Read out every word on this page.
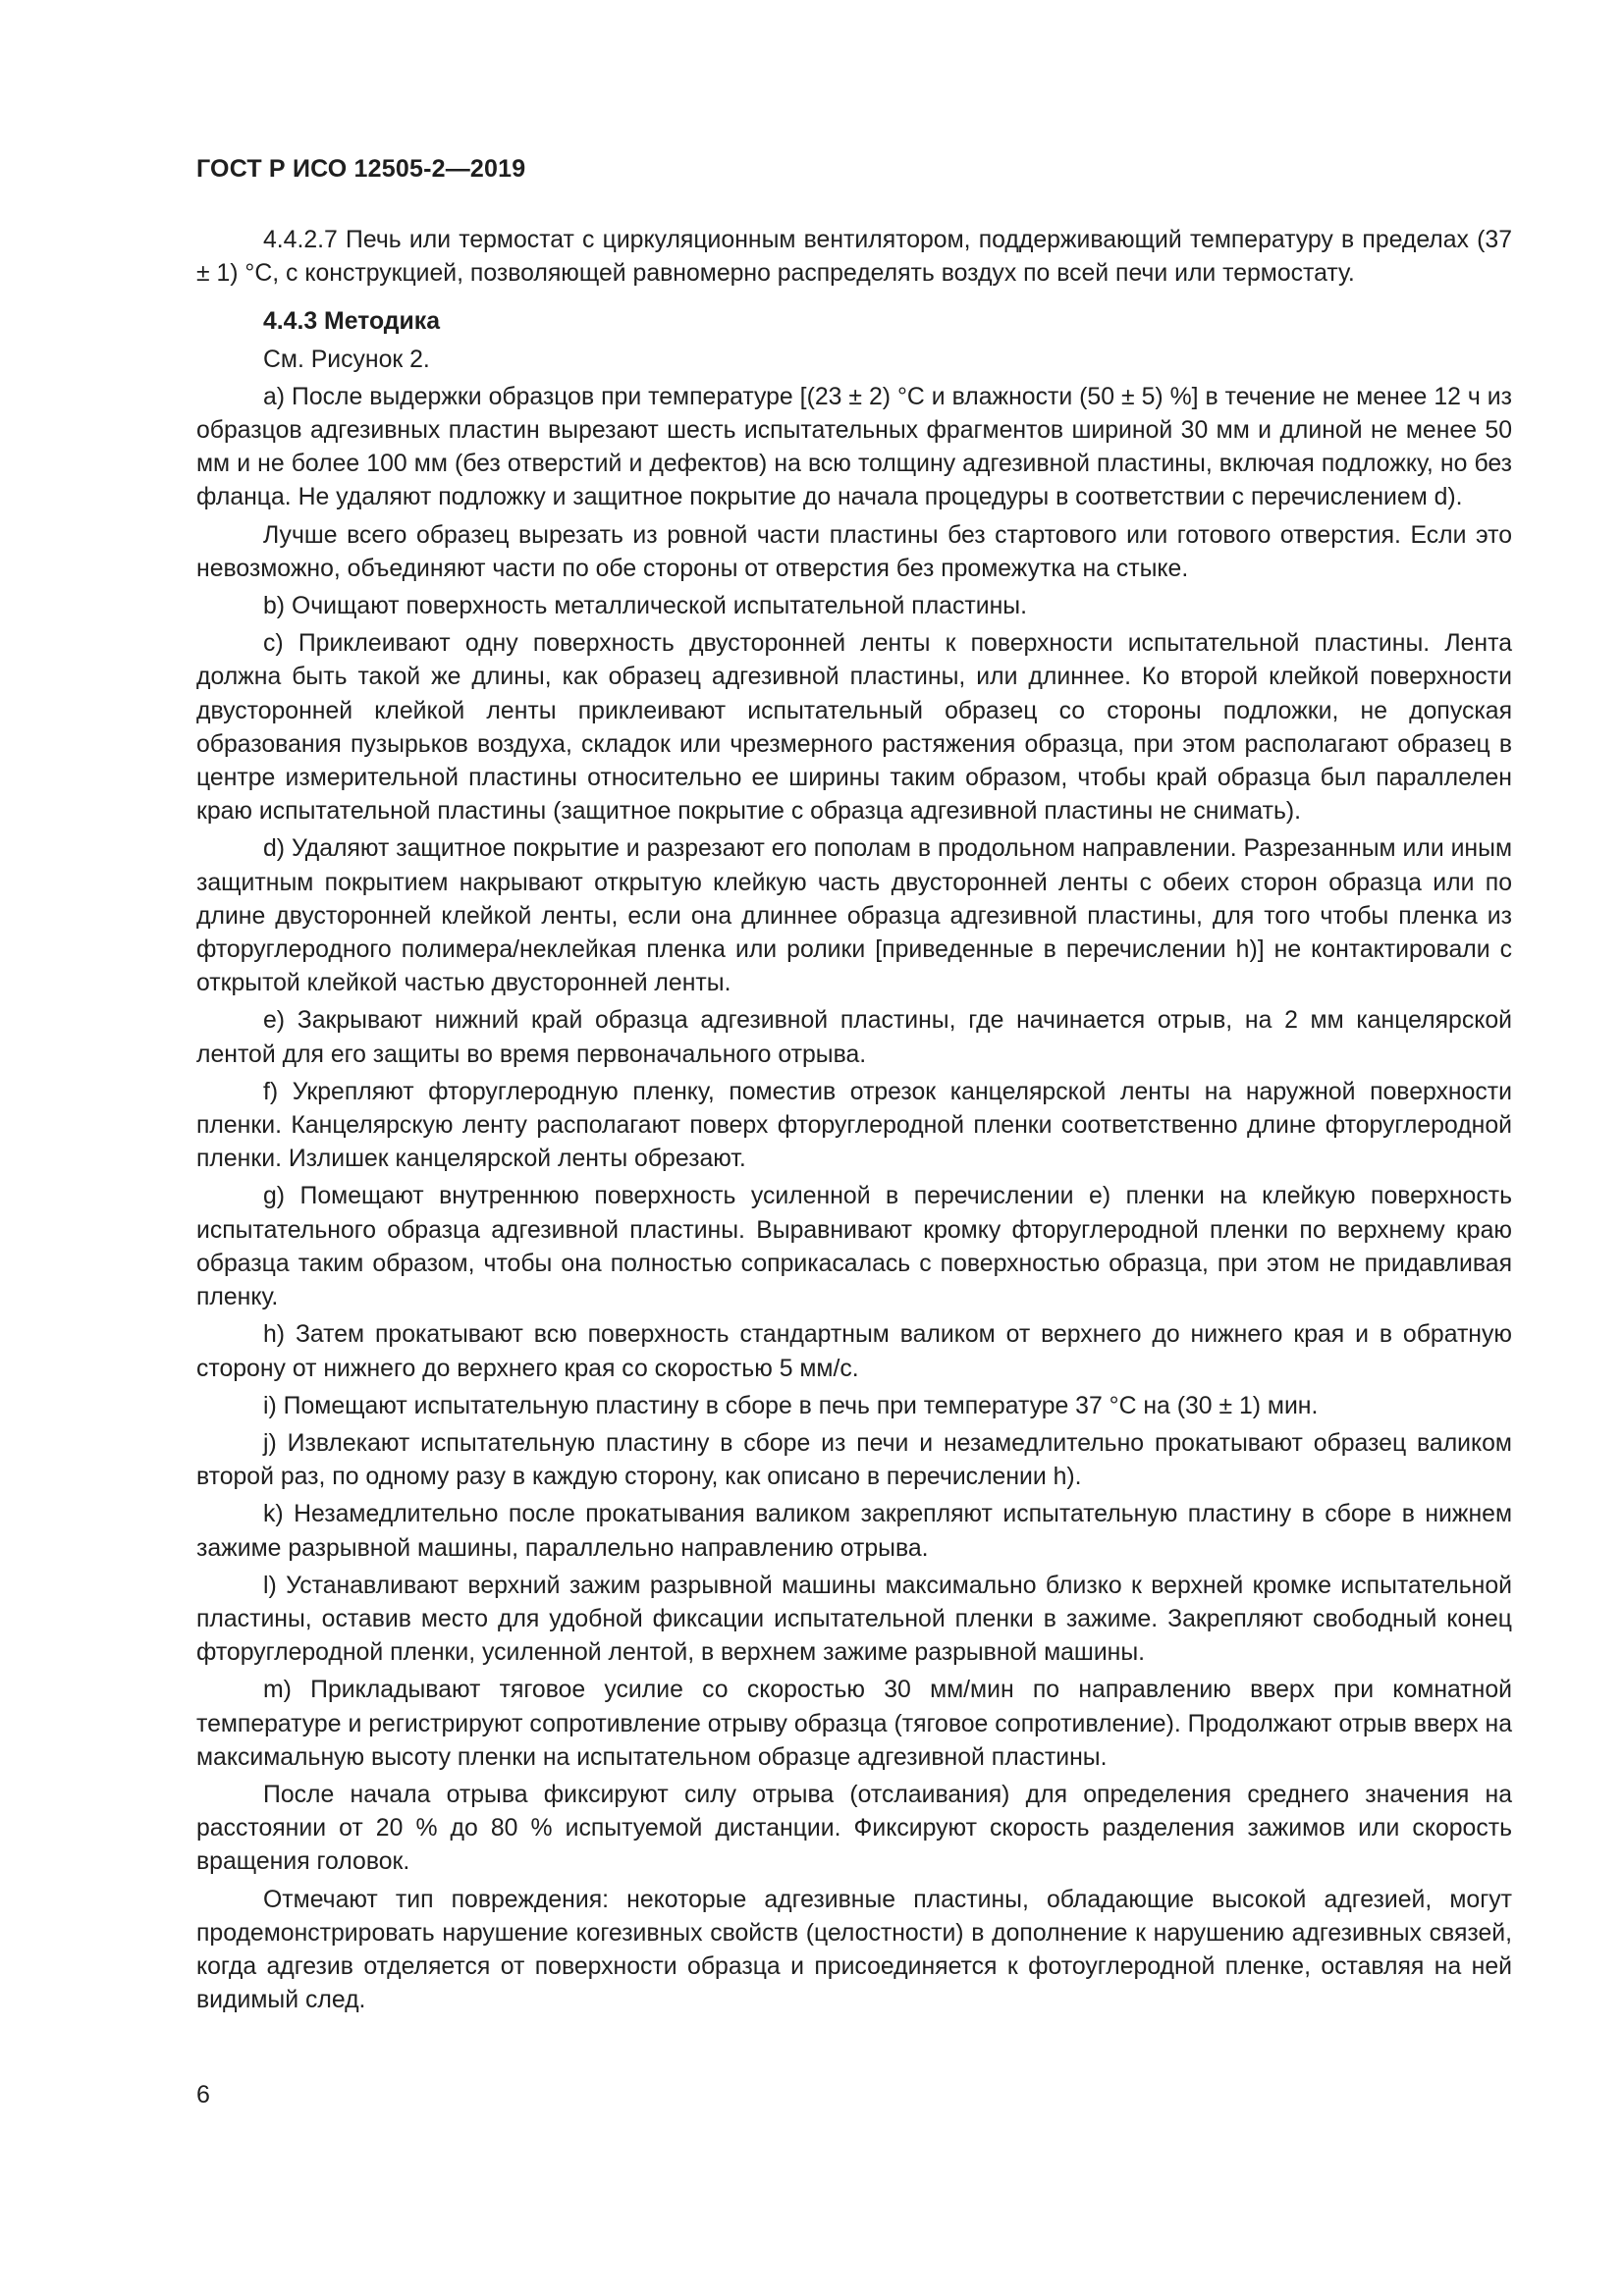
ГОСТ Р ИСО 12505-2—2019

4.4.2.7 Печь или термостат с циркуляционным вентилятором, поддерживающий температуру в пределах (37 ± 1) °С, с конструкцией, позволяющей равномерно распределять воздух по всей печи или термостату.

4.4.3 Методика

См. Рисунок 2.

a) После выдержки образцов при температуре [(23 ± 2) °С и влажности (50 ± 5) %] в течение не менее 12 ч из образцов адгезивных пластин вырезают шесть испытательных фрагментов шириной 30 мм и длиной не менее 50 мм и не более 100 мм (без отверстий и дефектов) на всю толщину адгезивной пластины, включая подложку, но без фланца. Не удаляют подложку и защитное покрытие до начала процедуры в соответствии с перечислением d).

Лучше всего образец вырезать из ровной части пластины без стартового или готового отверстия. Если это невозможно, объединяют части по обе стороны от отверстия без промежутка на стыке.

b) Очищают поверхность металлической испытательной пластины.

c) Приклеивают одну поверхность двусторонней ленты к поверхности испытательной пластины. Лента должна быть такой же длины, как образец адгезивной пластины, или длиннее. Ко второй клейкой поверхности двусторонней клейкой ленты приклеивают испытательный образец со стороны подложки, не допуская образования пузырьков воздуха, складок или чрезмерного растяжения образца, при этом располагают образец в центре измерительной пластины относительно ее ширины таким образом, чтобы край образца был параллелен краю испытательной пластины (защитное покрытие с образца адгезивной пластины не снимать).

d) Удаляют защитное покрытие и разрезают его пополам в продольном направлении. Разрезанным или иным защитным покрытием накрывают открытую клейкую часть двусторонней ленты с обеих сторон образца или по длине двусторонней клейкой ленты, если она длиннее образца адгезивной пластины, для того чтобы пленка из фторуглеродного полимера/неклейкая пленка или ролики [приведенные в перечислении h)] не контактировали с открытой клейкой частью двусторонней ленты.

e) Закрывают нижний край образца адгезивной пластины, где начинается отрыв, на 2 мм канцелярской лентой для его защиты во время первоначального отрыва.

f) Укрепляют фторуглеродную пленку, поместив отрезок канцелярской ленты на наружной поверхности пленки. Канцелярскую ленту располагают поверх фторуглеродной пленки соответственно длине фторуглеродной пленки. Излишек канцелярской ленты обрезают.

g) Помещают внутреннюю поверхность усиленной в перечислении e) пленки на клейкую поверхность испытательного образца адгезивной пластины. Выравнивают кромку фторуглеродной пленки по верхнему краю образца таким образом, чтобы она полностью соприкасалась с поверхностью образца, при этом не придавливая пленку.

h) Затем прокатывают всю поверхность стандартным валиком от верхнего до нижнего края и в обратную сторону от нижнего до верхнего края со скоростью 5 мм/с.

i) Помещают испытательную пластину в сборе в печь при температуре 37 °С на (30 ± 1) мин.

j) Извлекают испытательную пластину в сборе из печи и незамедлительно прокатывают образец валиком второй раз, по одному разу в каждую сторону, как описано в перечислении h).

k) Незамедлительно после прокатывания валиком закрепляют испытательную пластину в сборе в нижнем зажиме разрывной машины, параллельно направлению отрыва.

l) Устанавливают верхний зажим разрывной машины максимально близко к верхней кромке испытательной пластины, оставив место для удобной фиксации испытательной пленки в зажиме. Закрепляют свободный конец фторуглеродной пленки, усиленной лентой, в верхнем зажиме разрывной машины.

m) Прикладывают тяговое усилие со скоростью 30 мм/мин по направлению вверх при комнатной температуре и регистрируют сопротивление отрыву образца (тяговое сопротивление). Продолжают отрыв вверх на максимальную высоту пленки на испытательном образце адгезивной пластины.

После начала отрыва фиксируют силу отрыва (отслаивания) для определения среднего значения на расстоянии от 20 % до 80 % испытуемой дистанции. Фиксируют скорость разделения зажимов или скорость вращения головок.

Отмечают тип повреждения: некоторые адгезивные пластины, обладающие высокой адгезией, могут продемонстрировать нарушение когезивных свойств (целостности) в дополнение к нарушению адгезивных связей, когда адгезив отделяется от поверхности образца и присоединяется к фотоуглеродной пленке, оставляя на ней видимый след.

6
